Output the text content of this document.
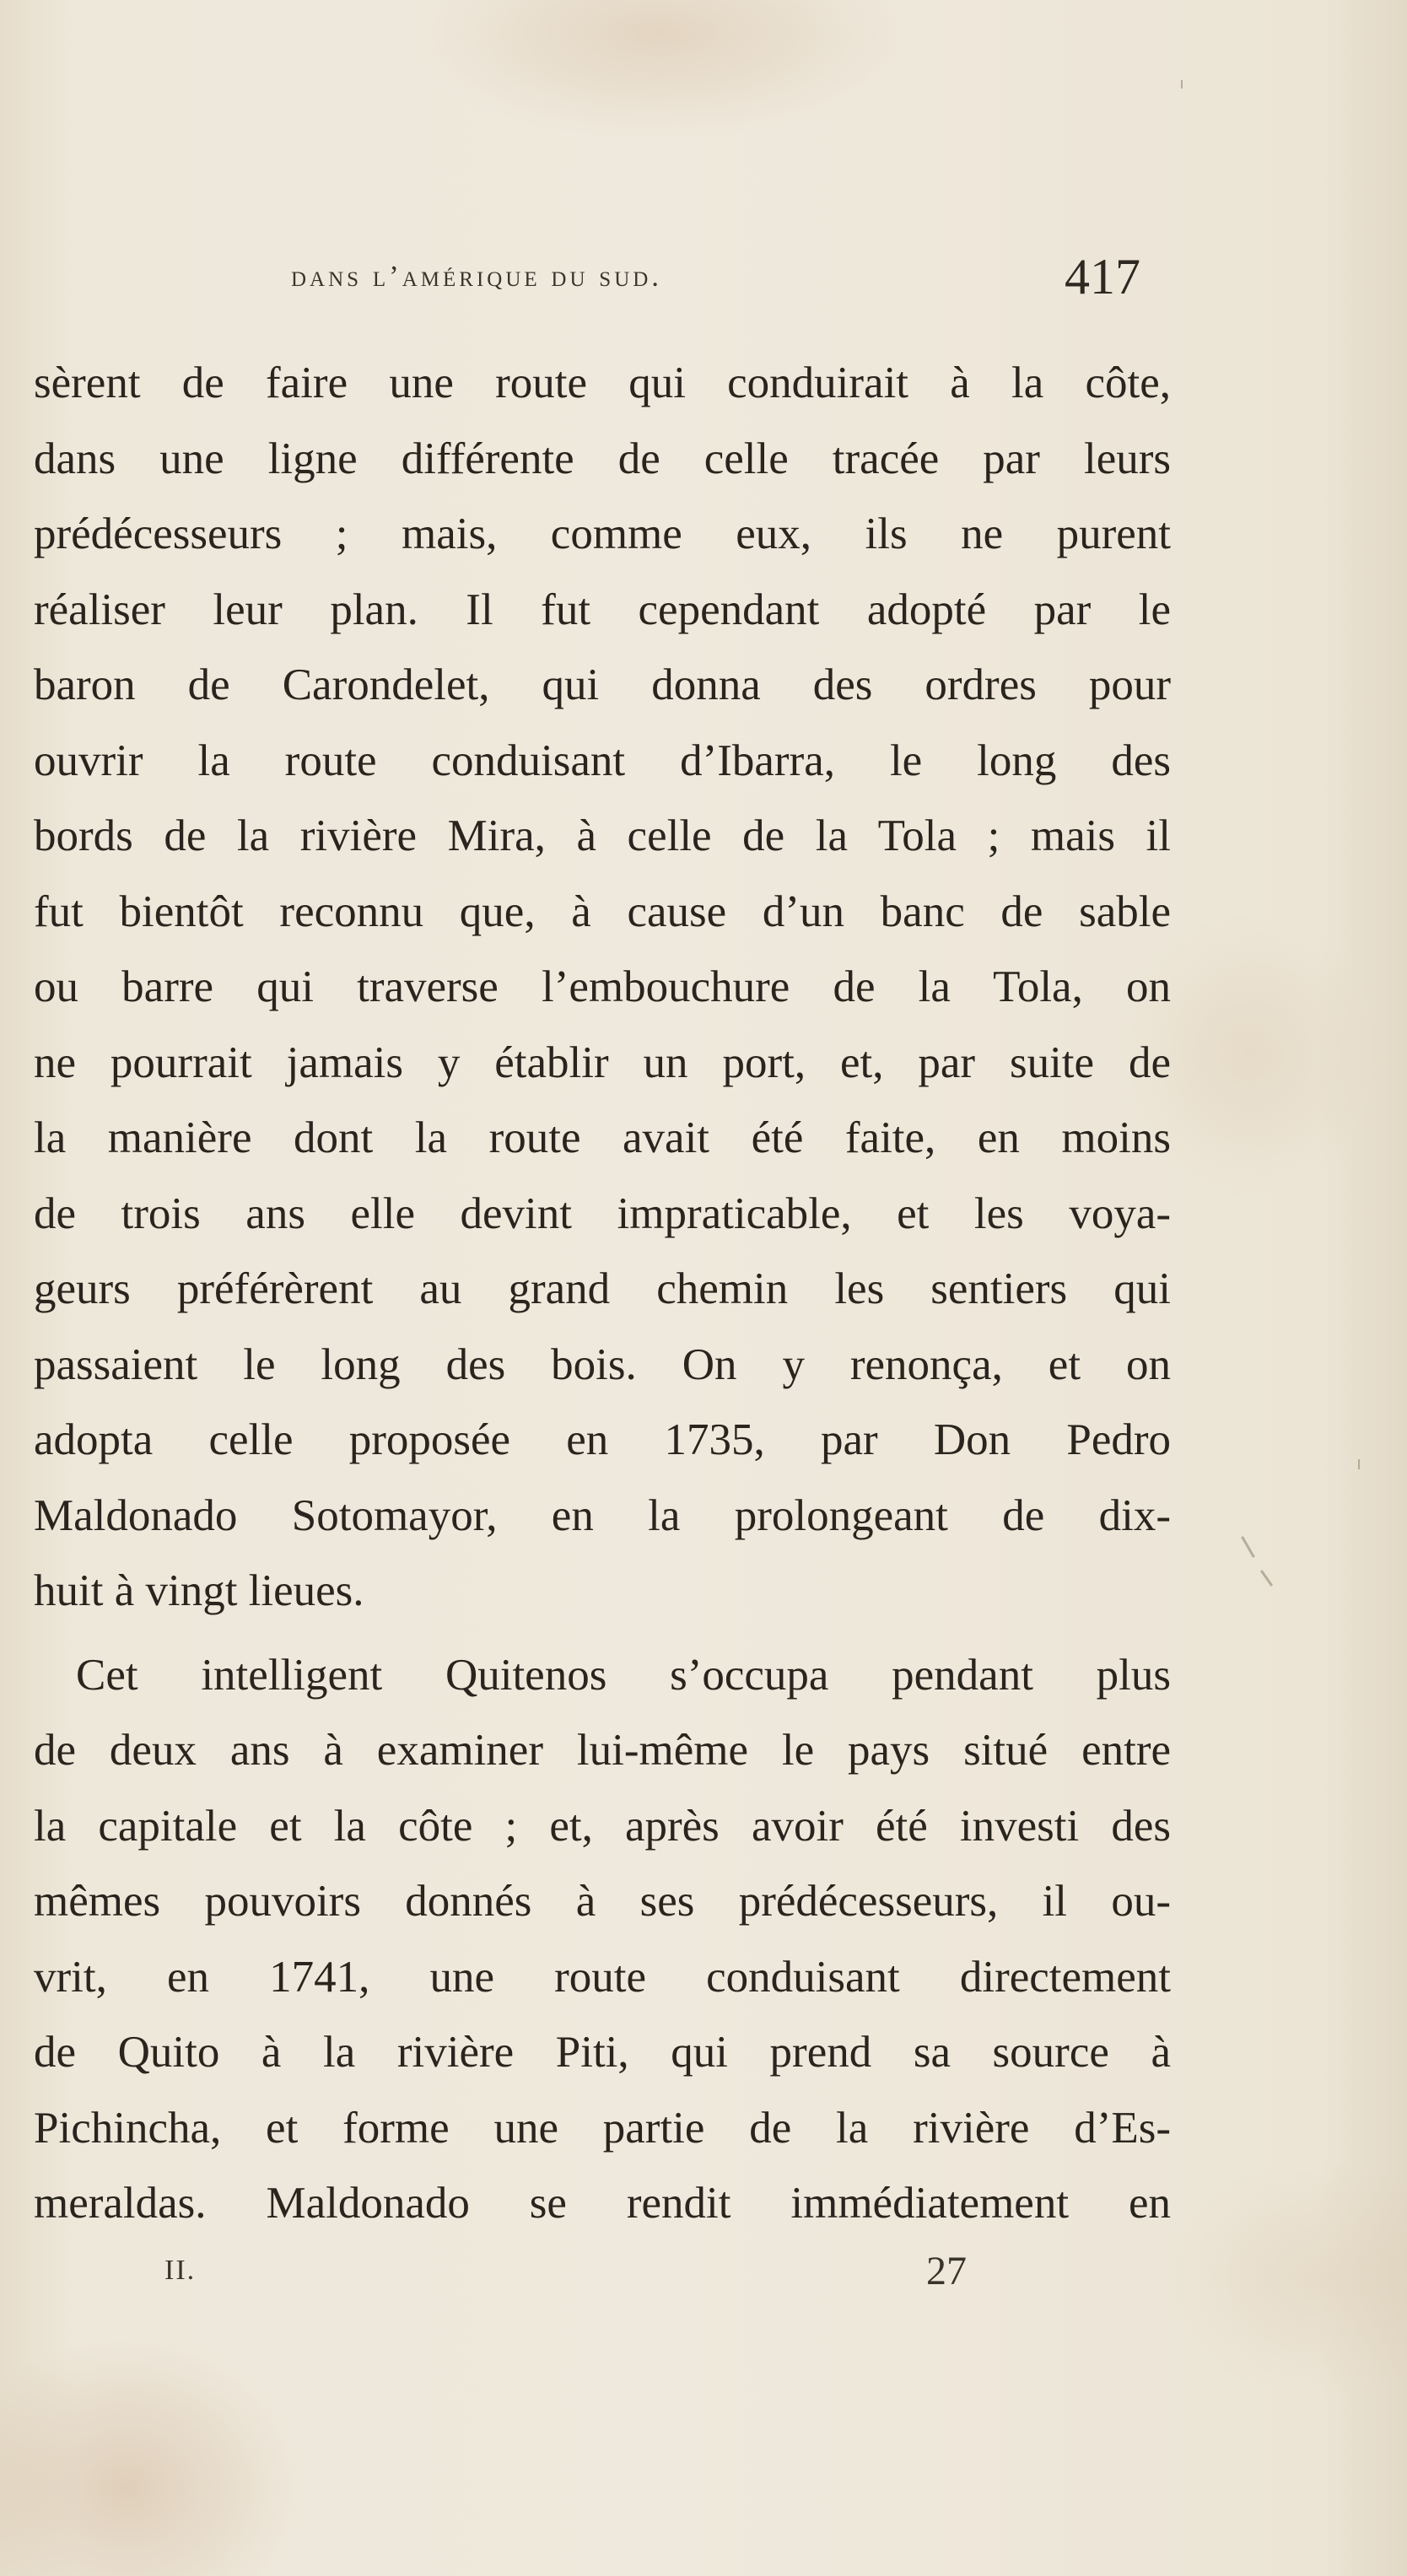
dans l’amérique du sud.	417
sèrent de faire une route qui conduirait à la côte,
dans une ligne différente de celle tracée par leurs
prédécesseurs ; mais, comme eux, ils ne purent
réaliser leur plan. Il fut cependant adopté par le
baron de Carondelet, qui donna des ordres pour
ouvrir la route conduisant d’Ibarra, le long des
bords de la rivière Mira, à celle de la Tola ; mais il
fut bientôt reconnu que, à cause d’un banc de sable
ou barre qui traverse l’embouchure de la Tola, on
ne pourrait jamais y établir un port, et, par suite de
la manière dont la route avait été faite, en moins
de trois ans elle devint impraticable, et les voya-
geurs préférèrent au grand chemin les sentiers qui
passaient le long des bois. On y renonça, et on
adopta celle proposée en 1735, par Don Pedro
Maldonado Sotomayor, en la prolongeant de dix-
huit à vingt lieues.
Cet intelligent Quitenos s’occupa pendant plus
de deux ans à examiner lui-même le pays situé entre
la capitale et la côte ; et, après avoir été investi des
mêmes pouvoirs donnés à ses prédécesseurs, il ou-
vrit, en 1741, une route conduisant directement
de Quito à la rivière Piti, qui prend sa source à
Pichincha, et forme une partie de la rivière d’Es-
meraldas. Maldonado se rendit immédiatement en
II.	27
